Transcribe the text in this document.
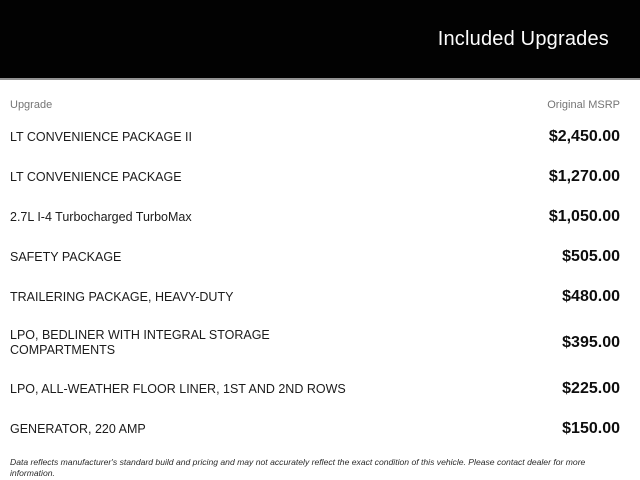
Included Upgrades
Upgrade	Original MSRP
LT CONVENIENCE PACKAGE II	$2,450.00
LT CONVENIENCE PACKAGE	$1,270.00
2.7L I-4 Turbocharged TurboMax	$1,050.00
SAFETY PACKAGE	$505.00
TRAILERING PACKAGE, HEAVY-DUTY	$480.00
LPO, BEDLINER WITH INTEGRAL STORAGE COMPARTMENTS	$395.00
LPO, ALL-WEATHER FLOOR LINER, 1ST AND 2ND ROWS	$225.00
GENERATOR, 220 AMP	$150.00

Data reflects manufacturer's standard build and pricing and may not accurately reflect the exact condition of this vehicle. Please contact dealer for more information.
